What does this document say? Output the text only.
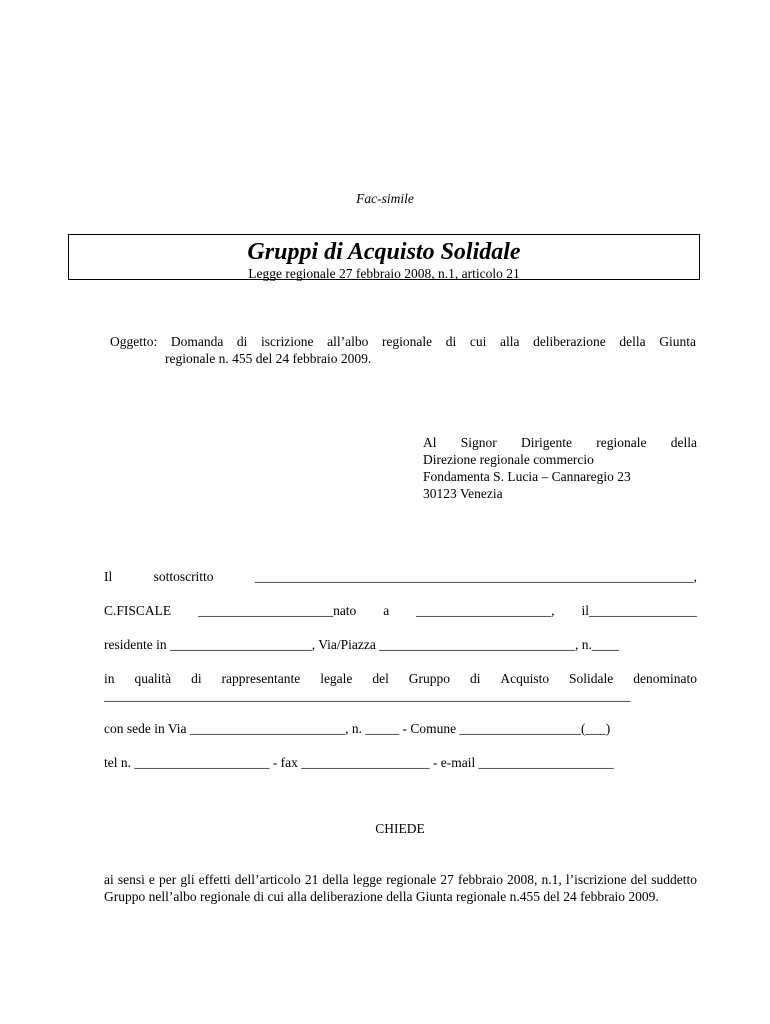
Fac-simile
Gruppi di Acquisto Solidale
Legge regionale 27 febbraio 2008, n.1, articolo 21
Oggetto: Domanda di iscrizione all’albo regionale di cui alla deliberazione della Giunta
regionale n. 455 del 24 febbraio 2009.
Al Signor Dirigente regionale della
Direzione regionale commercio
Fondamenta S. Lucia – Cannaregio 23
30123 Venezia
Il	sottoscritto	_________________________________________________________________,
C.FISCALE ____________________nato a ____________________, il________________
residente in _____________________, Via/Piazza _____________________________, n.____
in qualità di rappresentante legale del Gruppo di Acquisto Solidale denominato
______________________________________________________________________________
con sede in Via _______________________, n. _____ - Comune __________________(___)
tel n. ____________________ - fax ___________________ - e-mail ____________________
CHIEDE
ai sensi e per gli effetti dell’articolo 21 della legge regionale 27 febbraio 2008, n.1, l’iscrizione del suddetto Gruppo nell’albo regionale di cui alla deliberazione della Giunta regionale n.455 del 24 febbraio 2009.
